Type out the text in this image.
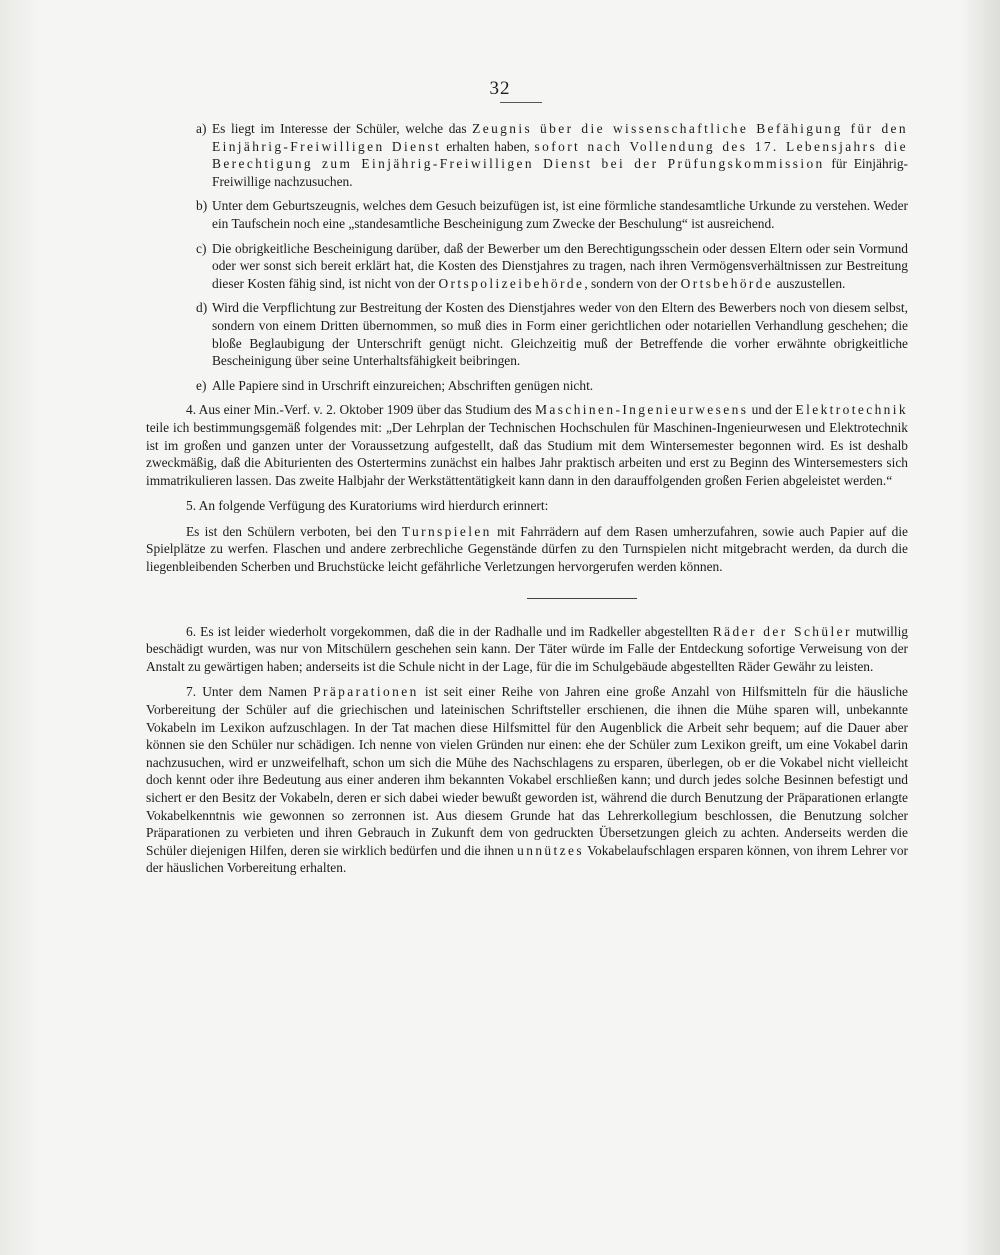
32
a) Es liegt im Interesse der Schüler, welche das Zeugnis über die wissenschaftliche Befähigung für den Einjährig-Freiwilligen Dienst erhalten haben, sofort nach Vollendung des 17. Lebensjahrs die Berechtigung zum Einjährig-Freiwilligen Dienst bei der Prüfungskommission für Einjährig-Freiwillige nachzusuchen.
b) Unter dem Geburtszeugnis, welches dem Gesuch beizufügen ist, ist eine förmliche standesamtliche Urkunde zu verstehen. Weder ein Taufschein noch eine „standesamtliche Bescheinigung zum Zwecke der Beschulung“ ist ausreichend.
c) Die obrigkeitliche Bescheinigung darüber, daß der Bewerber um den Berechtigungsschein oder dessen Eltern oder sein Vormund oder wer sonst sich bereit erklärt hat, die Kosten des Dienstjahres zu tragen, nach ihren Vermögensverhältnissen zur Bestreitung dieser Kosten fähig sind, ist nicht von der Ortspolizeibehörde, sondern von der Ortsbehörde auszustellen.
d) Wird die Verpflichtung zur Bestreitung der Kosten des Dienstjahres weder von den Eltern des Bewerbers noch von diesem selbst, sondern von einem Dritten übernommen, so muß dies in Form einer gerichtlichen oder notariellen Verhandlung geschehen; die bloße Beglaubigung der Unterschrift genügt nicht. Gleichzeitig muß der Betreffende die vorher erwähnte obrigkeitliche Bescheinigung über seine Unterhaltsfähigkeit beibringen.
e) Alle Papiere sind in Urschrift einzureichen; Abschriften genügen nicht.

4. Aus einer Min.-Verf. v. 2. Oktober 1909 über das Studium des Maschinen-Ingenieurwesens und der Elektrotechnik teile ich bestimmungsgemäß folgendes mit: „Der Lehrplan der Technischen Hochschulen für Maschinen-Ingenieurwesen und Elektrotechnik ist im großen und ganzen unter der Voraussetzung aufgestellt, daß das Studium mit dem Wintersemester begonnen wird. Es ist deshalb zweckmäßig, daß die Abiturienten des Ostertermins zunächst ein halbes Jahr praktisch arbeiten und erst zu Beginn des Wintersemesters sich immatrikulieren lassen. Das zweite Halbjahr der Werkstättentätigkeit kann dann in den darauffolgenden großen Ferien abgeleistet werden.“

5. An folgende Verfügung des Kuratoriums wird hierdurch erinnert:

Es ist den Schülern verboten, bei den Turnspielen mit Fahrrädern auf dem Rasen umherzufahren, sowie auch Papier auf die Spielplätze zu werfen. Flaschen und andere zerbrechliche Gegenstände dürfen zu den Turnspielen nicht mitgebracht werden, da durch die liegenbleibenden Scherben und Bruchstücke leicht gefährliche Verletzungen hervorgerufen werden können.

6. Es ist leider wiederholt vorgekommen, daß die in der Radhalle und im Radkeller abgestellten Räder der Schüler mutwillig beschädigt wurden, was nur von Mitschülern geschehen sein kann. Der Täter würde im Falle der Entdeckung sofortige Verweisung von der Anstalt zu gewärtigen haben; anderseits ist die Schule nicht in der Lage, für die im Schulgebäude abgestellten Räder Gewähr zu leisten.

7. Unter dem Namen Präparationen ist seit einer Reihe von Jahren eine große Anzahl von Hilfsmitteln für die häusliche Vorbereitung der Schüler auf die griechischen und lateinischen Schriftsteller erschienen, die ihnen die Mühe sparen will, unbekannte Vokabeln im Lexikon aufzuschlagen. In der Tat machen diese Hilfsmittel für den Augenblick die Arbeit sehr bequem; auf die Dauer aber können sie den Schüler nur schädigen. Ich nenne von vielen Gründen nur einen: ehe der Schüler zum Lexikon greift, um eine Vokabel darin nachzusuchen, wird er unzweifelhaft, schon um sich die Mühe des Nachschlagens zu ersparen, überlegen, ob er die Vokabel nicht vielleicht doch kennt oder ihre Bedeutung aus einer anderen ihm bekannten Vokabel erschließen kann; und durch jedes solche Besinnen befestigt und sichert er den Besitz der Vokabeln, deren er sich dabei wieder bewußt geworden ist, während die durch Benutzung der Präparationen erlangte Vokabelkenntnis wie gewonnen so zerronnen ist. Aus diesem Grunde hat das Lehrerkollegium beschlossen, die Benutzung solcher Präparationen zu verbieten und ihren Gebrauch in Zukunft dem von gedruckten Übersetzungen gleich zu achten. Anderseits werden die Schüler diejenigen Hilfen, deren sie wirklich bedürfen und die ihnen unnützes Vokabelaufschlagen ersparen können, von ihrem Lehrer vor der häuslichen Vorbereitung erhalten.
